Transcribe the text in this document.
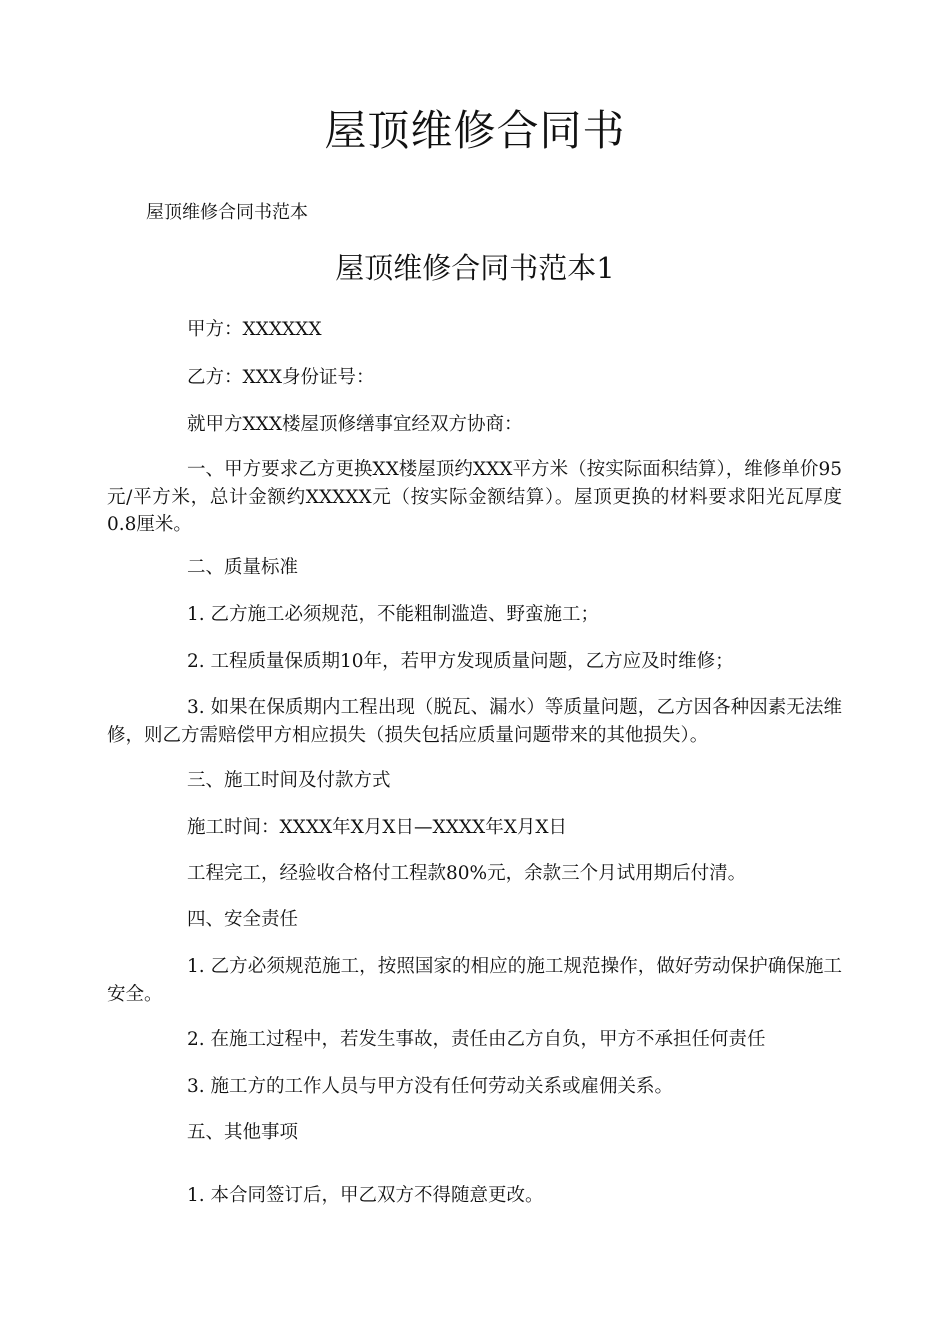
屋顶维修合同书
屋顶维修合同书范本
屋顶维修合同书范本1
甲方：XXXXXX
乙方：XXX身份证号：
就甲方XXX楼屋顶修缮事宜经双方协商：
一、甲方要求乙方更换XX楼屋顶约XXX平方米（按实际面积结算），维修单价95元/平方米，总计金额约XXXXX元（按实际金额结算）。屋顶更换的材料要求阳光瓦厚度0.8厘米。
二、质量标准
1. 乙方施工必须规范，不能粗制滥造、野蛮施工；
2. 工程质量保质期10年，若甲方发现质量问题，乙方应及时维修；
3. 如果在保质期内工程出现（脱瓦、漏水）等质量问题，乙方因各种因素无法维修，则乙方需赔偿甲方相应损失（损失包括应质量问题带来的其他损失）。
三、施工时间及付款方式
施工时间：XXXX年X月X日—XXXX年X月X日
工程完工，经验收合格付工程款80%元，余款三个月试用期后付清。
四、安全责任
1. 乙方必须规范施工，按照国家的相应的施工规范操作，做好劳动保护确保施工安全。
2. 在施工过程中，若发生事故，责任由乙方自负，甲方不承担任何责任
3. 施工方的工作人员与甲方没有任何劳动关系或雇佣关系。
五、其他事项
1. 本合同签订后，甲乙双方不得随意更改。
